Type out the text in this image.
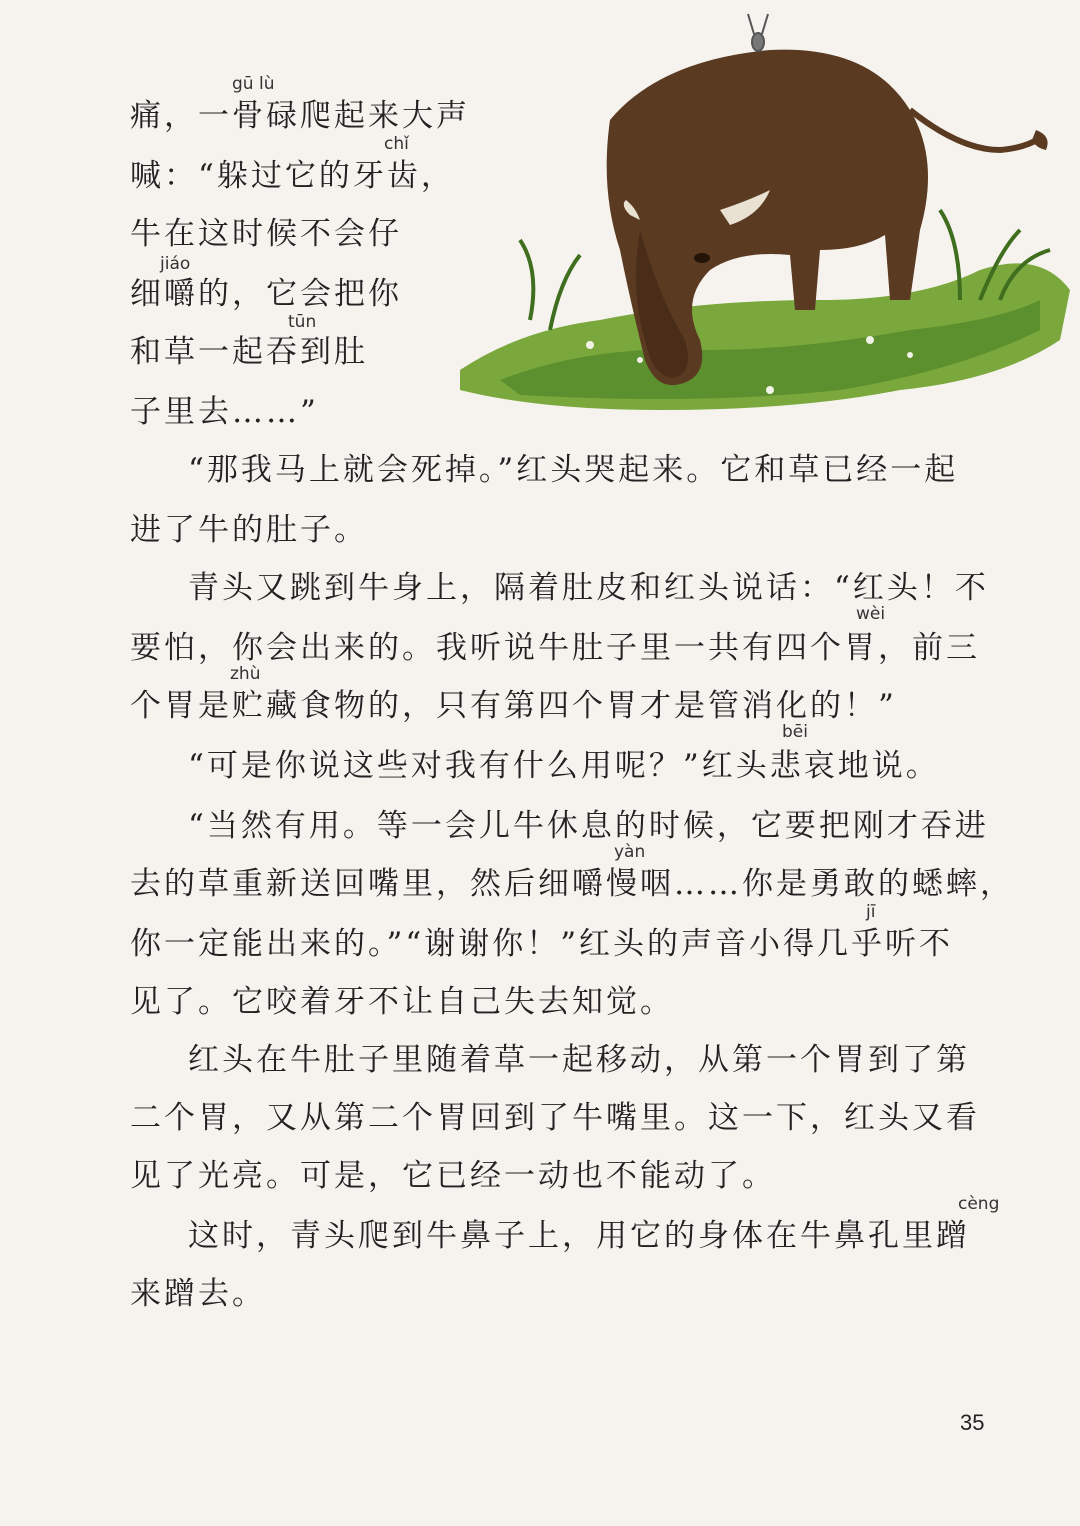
gū lù
chǐ
jiáo
tūn
wèi
zhù
bēi
yàn
jī
cèng
痛，一骨碌爬起来大声
喊：“躲过它的牙齿，
牛在这时候不会仔
细嚼的，它会把你
和草一起吞到肚
子里去……”
“那我马上就会死掉。”红头哭起来。它和草已经一起
进了牛的肚子。
青头又跳到牛身上，隔着肚皮和红头说话：“红头！不
要怕，你会出来的。我听说牛肚子里一共有四个胃，前三
个胃是贮藏食物的，只有第四个胃才是管消化的！”
“可是你说这些对我有什么用呢？”红头悲哀地说。
“当然有用。等一会儿牛休息的时候，它要把刚才吞进
去的草重新送回嘴里，然后细嚼慢咽……你是勇敢的蟋蟀，
你一定能出来的。”“谢谢你！”红头的声音小得几乎听不
见了。它咬着牙不让自己失去知觉。
红头在牛肚子里随着草一起移动，从第一个胃到了第
二个胃，又从第二个胃回到了牛嘴里。这一下，红头又看
见了光亮。可是，它已经一动也不能动了。
这时，青头爬到牛鼻子上，用它的身体在牛鼻孔里蹭
来蹭去。
35
